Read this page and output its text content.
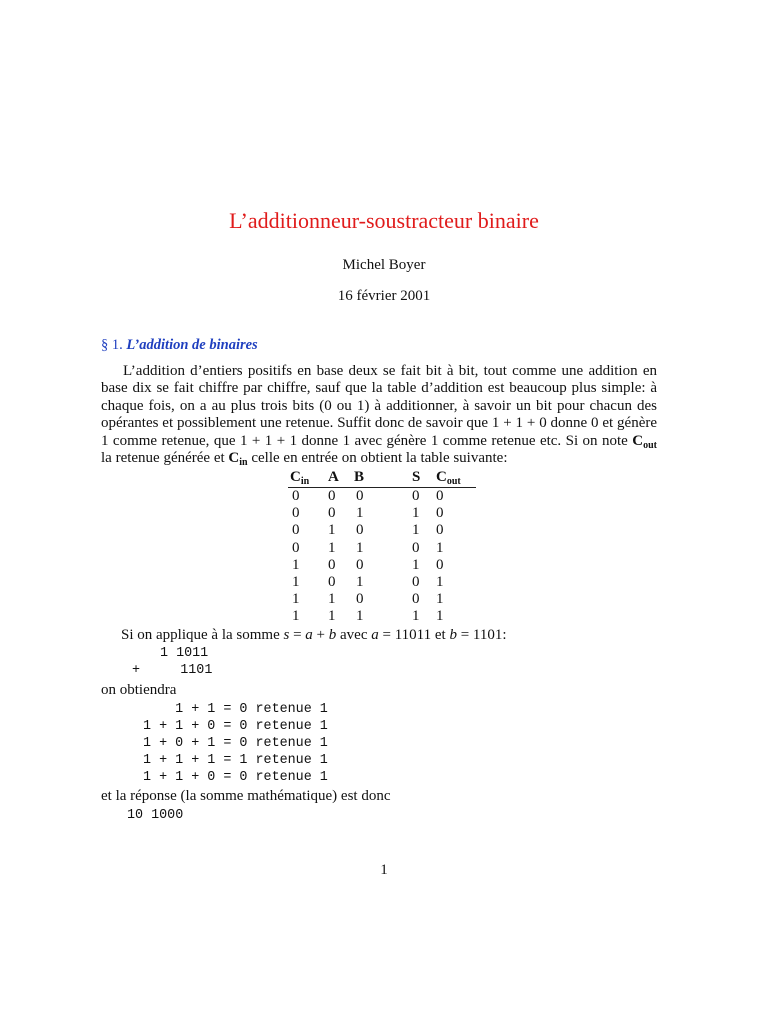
L’additionneur-soustracteur binaire
Michel Boyer
16 février 2001
§ 1. L’addition de binaires
L’addition d’entiers positifs en base deux se fait bit à bit, tout comme une addition en base dix se fait chiffre par chiffre, sauf que la table d’addition est beaucoup plus simple: à chaque fois, on a au plus trois bits (0 ou 1) à additionner, à savoir un bit pour chacun des opérantes et possiblement une retenue. Suffit donc de savoir que 1 + 1 + 0 donne 0 et génère 1 comme retenue, que 1 + 1 + 1 donne 1 avec génère 1 comme retenue etc. Si on note $C_{out}$ la retenue générée et $C_{in}$ celle en entrée on obtient la table suivante:
$C_{in}$ A B	S $C_{out}$
0 0 0	0 0
0 0 1	1 0
0 1 0	1 0
0 1 1	0 1
1 0 0	1 0
1 0 1	0 1
1 1 0	0 1
1 1 1	1 1
Si on applique à la somme s = a + b avec a = 11011 et b = 1101:
1 1011
+     1101
on obtiendra
1 + 1 = 0 retenue 1
1 + 1 + 0 = 0 retenue 1
1 + 0 + 1 = 0 retenue 1
1 + 1 + 1 = 1 retenue 1
1 + 1 + 0 = 0 retenue 1
et la réponse (la somme mathématique) est donc
10 1000
1
